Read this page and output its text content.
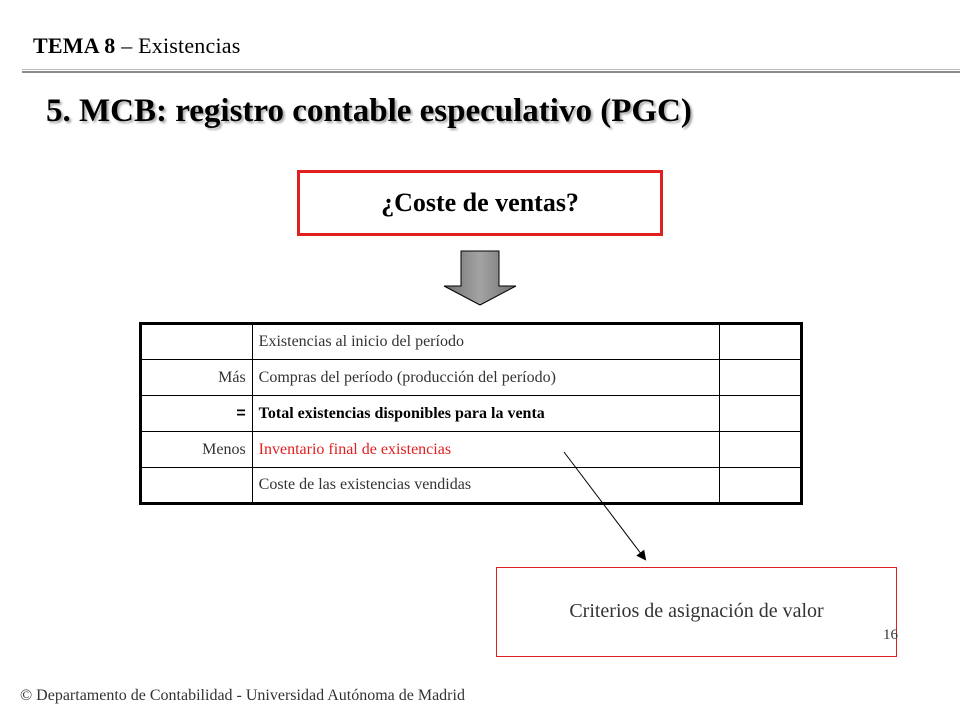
TEMA 8 – Existencias
5. MCB: registro contable especulativo (PGC)
¿Coste de ventas?
	Existencias al inicio del período	
Más	Compras del período (producción del período)	
=	Total existencias disponibles para la venta	
Menos	Inventario final de existencias	
	Coste de las existencias vendidas	
Criterios de asignación de valor
16
© Departamento de Contabilidad - Universidad Autónoma de Madrid
